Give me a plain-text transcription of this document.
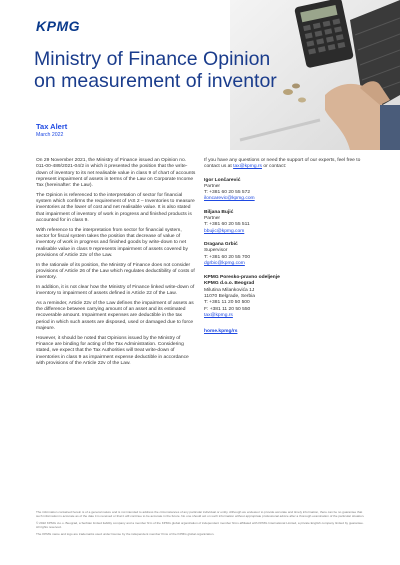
KPMG
Ministry of Finance Opinion
on measurement of inventor
Tax Alert
March 2022

On 29 November 2021, the Ministry of Finance issued an Opinion no. 011-00-489/2021-04/2 in which it presented the position that the write-down of inventory to its net realisable value in class 9 of chart of accounts represent impairment of assets in terms of the Law on Corporate Income Tax (hereinafter: the Law).

The Opinion is referenced to the interpretation of sector for financial system which confirms the requirement of IAS 2 – Inventories to measure inventories at the lower of cost and net realisable value. It is also stated that impairment of inventory of work in progress and finished products is accounted for in class 9.

With reference to the interpretation from sector for financial system, sector for fiscal system takes the position that decrease of value of inventory of work in progress and finished goods by write-down to net realisable value in class 9 represents impairment of assets covered by provisions of Article 22v of the Law.

In the rationale of its position, the Ministry of Finance does not consider provisions of Article 26 of the Law which regulates deductibility of costs of inventory.

In addition, it is not clear how the Ministry of Finance linked write-down of inventory to impairment of assets defined in Article 22 of the Law.

As a reminder, Article 22v of the Law defines the impairment of assets as the difference between carrying amount of an asset and its estimated recoverable amount. Impairment expenses are deductible in the tax period in which such assets are disposed, used or damaged due to force majeure.

However, it should be noted that Opinions issued by the Ministry of Finance are binding for acting of the Tax Administration. Considering stated, we expect that the Tax Authorities will treat write-down of inventories in class 9 as impairment expense deductible in accordance with provisions of the Article 22v of the Law.

If you have any questions or need the support of our experts, feel free to contact us at tax@kpmg.rs or contact:

Igor Lončarević
Partner
T: +381 60 20 55 572
iloncarevic@kpmg.com
Biljana Bujić
Partner
T: +381 60 20 55 511
bbujic@kpmg.com
Dragana Grbić
Supervisor
T: +381 60 20 55 700
dgrbic@kpmg.com
KPMG Poresko-pravno odeljenje
KPMG d.o.o. Beograd
Milutina Milankovića 1J
11070 Belgrade, Serbia
T: +381 11 20 50 500
F: +381 11 20 50 550
tax@kpmg.rs
home.kpmg/rs

The information contained herein is of a general nature and is not intended to address the circumstances of any particular individual or entity. Although we endeavor to provide accurate and timely information, there can be no guarantee that such information is accurate as of the date it is received or that it will continue to be accurate in the future. No one should act on such information without appropriate professional advice after a thorough examination of the particular situation.

© 2022 KPMG d.o.o. Beograd, a Serbian limited liability company and a member firm of the KPMG global organization of independent member firms affiliated with KPMG International Limited, a private English company limited by guarantee. All rights reserved.

The KPMG name and logo are trademarks used under license by the independent member firms of the KPMG global organization.
